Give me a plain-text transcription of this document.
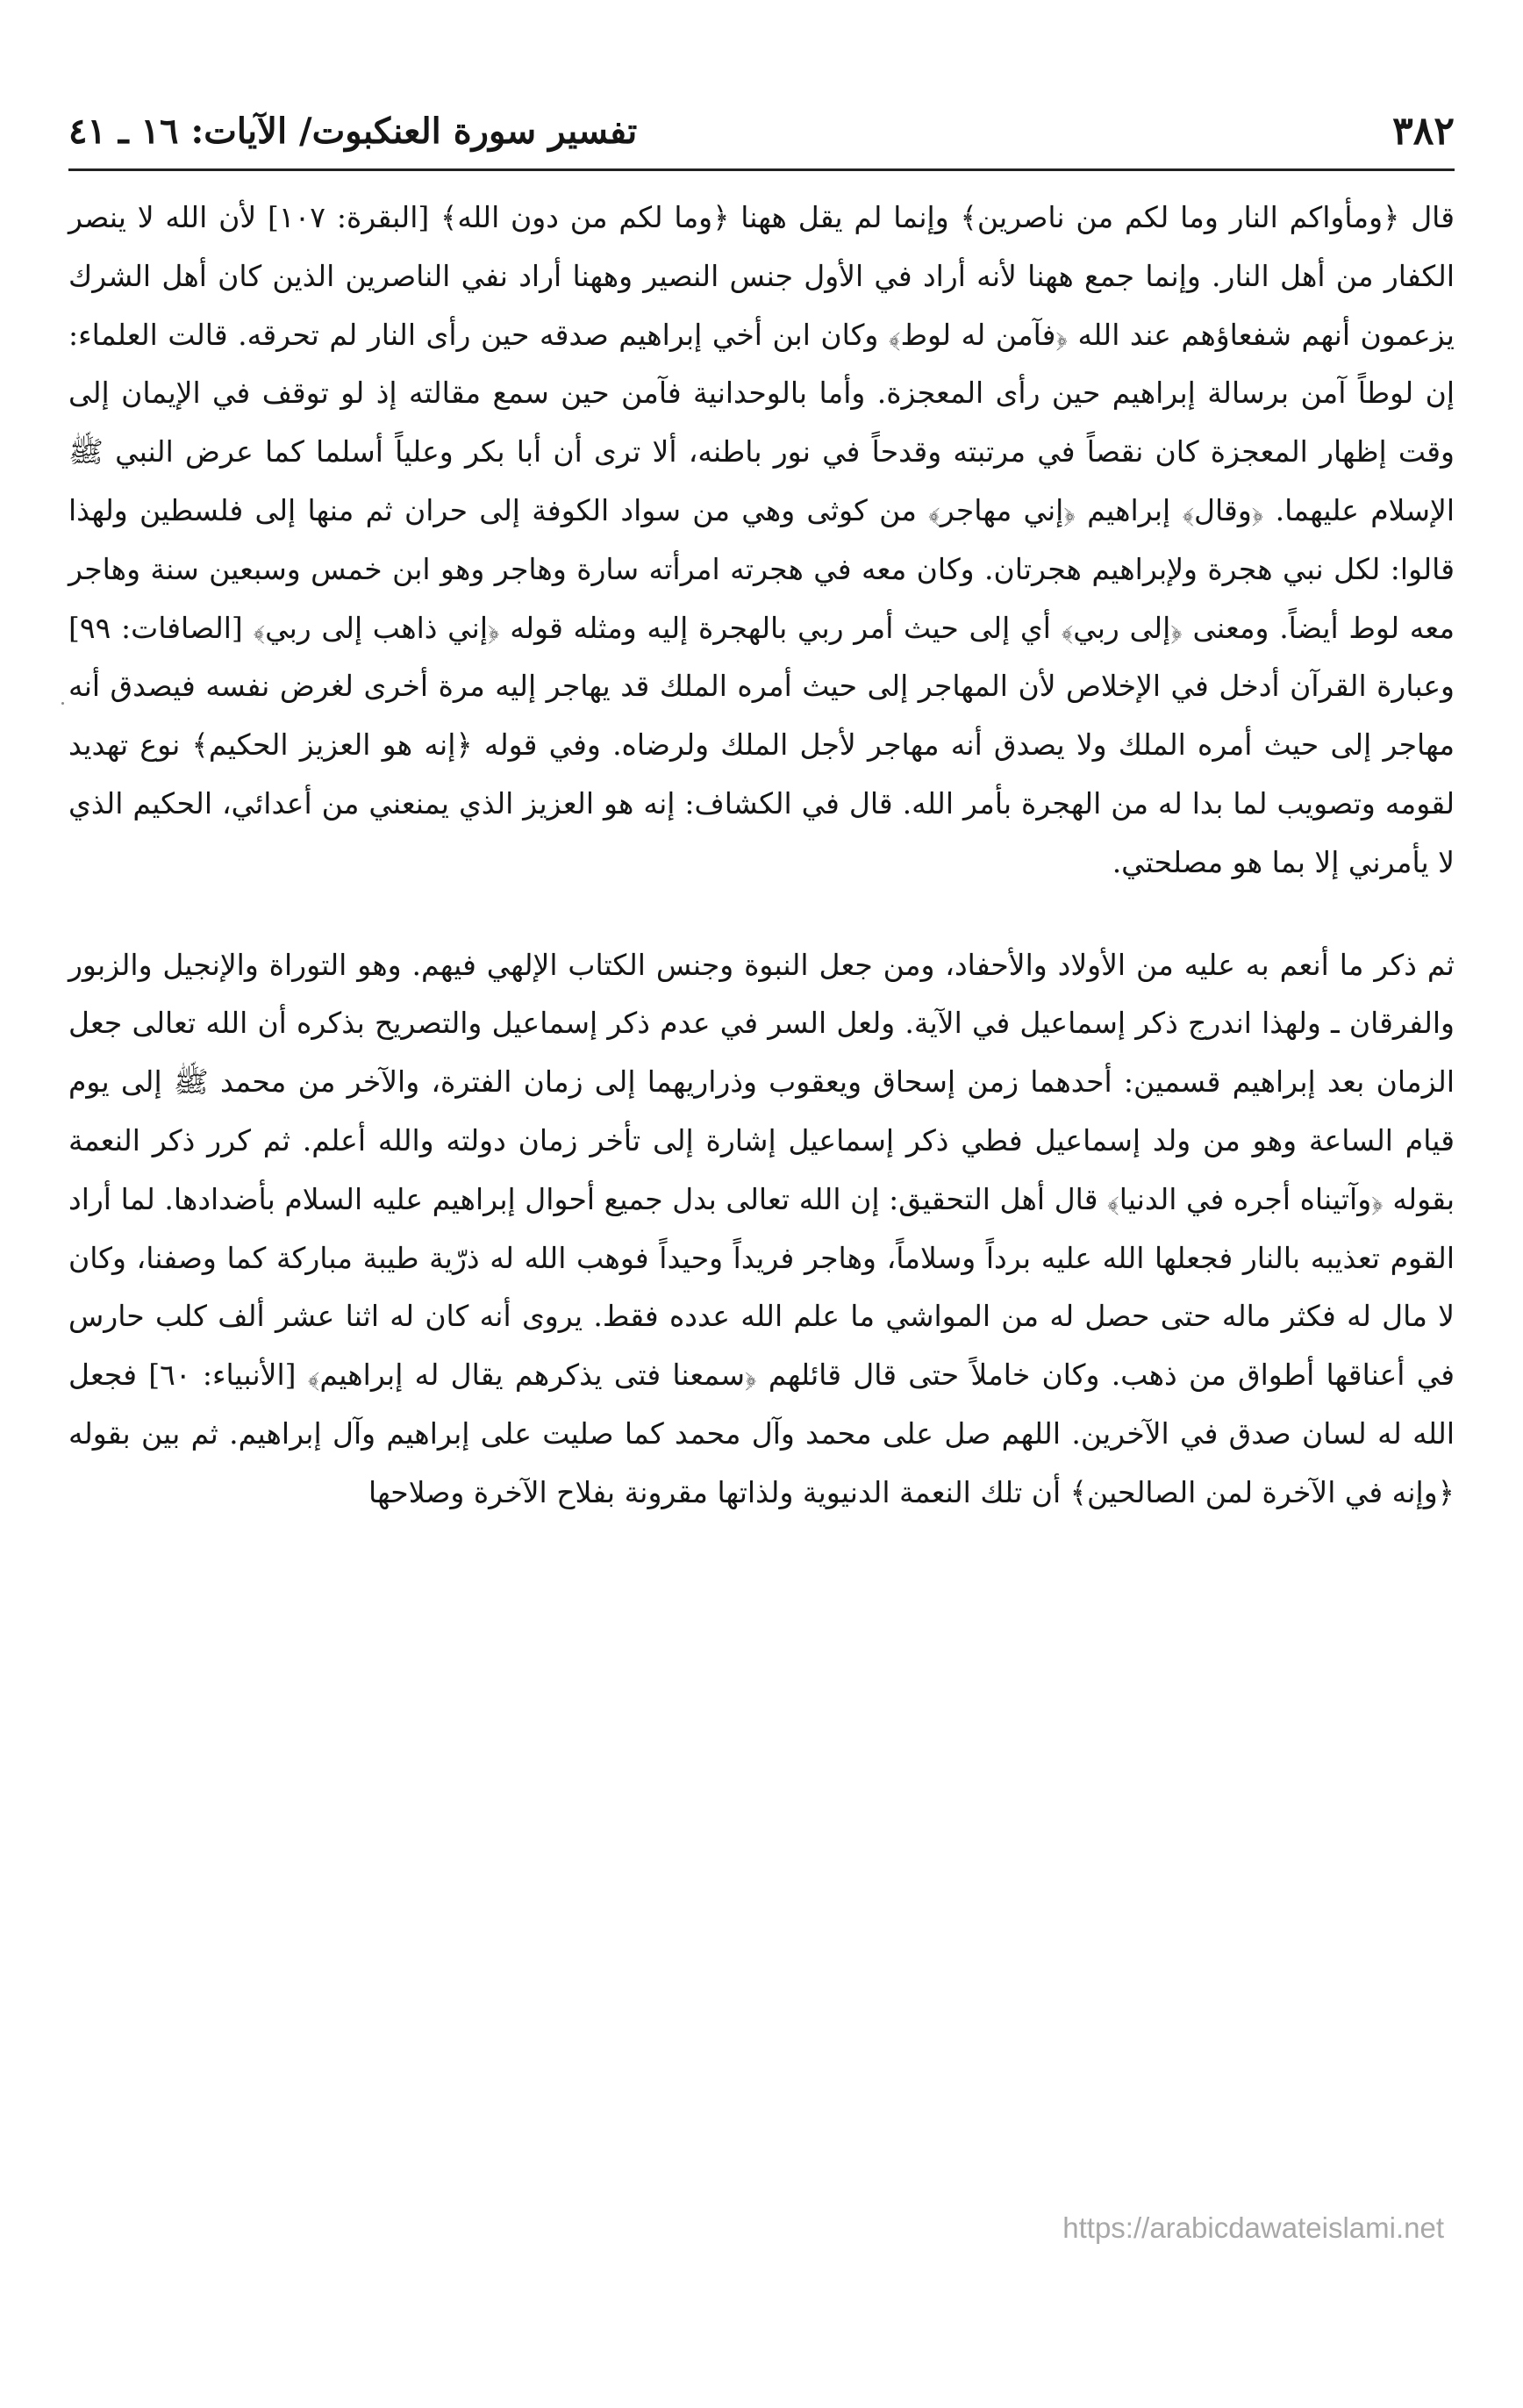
٣٨٢
تفسير سورة العنكبوت/ الآيات: ١٦ ـ ٤١

قال ﴿ومأواكم النار وما لكم من ناصرين﴾ وإنما لم يقل ههنا ﴿وما لكم من دون الله﴾ [البقرة: ١٠٧] لأن الله لا ينصر الكفار من أهل النار. وإنما جمع ههنا لأنه أراد في الأول جنس النصير وههنا أراد نفي الناصرين الذين كان أهل الشرك يزعمون أنهم شفعاؤهم عند الله ﴿فآمن له لوط﴾ وكان ابن أخي إبراهيم صدقه حين رأى النار لم تحرقه. قالت العلماء: إن لوطاً آمن برسالة إبراهيم حين رأى المعجزة. وأما بالوحدانية فآمن حين سمع مقالته إذ لو توقف في الإيمان إلى وقت إظهار المعجزة كان نقصاً في مرتبته وقدحاً في نور باطنه، ألا ترى أن أبا بكر وعلياً أسلما كما عرض النبي ﷺ الإسلام عليهما. ﴿وقال﴾ إبراهيم ﴿إني مهاجر﴾ من كوثى وهي من سواد الكوفة إلى حران ثم منها إلى فلسطين ولهذا قالوا: لكل نبي هجرة ولإبراهيم هجرتان. وكان معه في هجرته امرأته سارة وهاجر وهو ابن خمس وسبعين سنة وهاجر معه لوط أيضاً. ومعنى ﴿إلى ربي﴾ أي إلى حيث أمر ربي بالهجرة إليه ومثله قوله ﴿إني ذاهب إلى ربي﴾ [الصافات: ٩٩] وعبارة القرآن أدخل في الإخلاص لأن المهاجر إلى حيث أمره الملك قد يهاجر إليه مرة أخرى لغرض نفسه فيصدق أنه مهاجر إلى حيث أمره الملك ولا يصدق أنه مهاجر لأجل الملك ولرضاه. وفي قوله ﴿إنه هو العزيز الحكيم﴾ نوع تهديد لقومه وتصويب لما بدا له من الهجرة بأمر الله. قال في الكشاف: إنه هو العزيز الذي يمنعني من أعدائي، الحكيم الذي لا يأمرني إلا بما هو مصلحتي.

ثم ذكر ما أنعم به عليه من الأولاد والأحفاد، ومن جعل النبوة وجنس الكتاب الإلهي فيهم. وهو التوراة والإنجيل والزبور والفرقان ـ ولهذا اندرج ذكر إسماعيل في الآية. ولعل السر في عدم ذكر إسماعيل والتصريح بذكره أن الله تعالى جعل الزمان بعد إبراهيم قسمين: أحدهما زمن إسحاق ويعقوب وذراريهما إلى زمان الفترة، والآخر من محمد ﷺ إلى يوم قيام الساعة وهو من ولد إسماعيل فطي ذكر إسماعيل إشارة إلى تأخر زمان دولته والله أعلم. ثم كرر ذكر النعمة بقوله ﴿وآتيناه أجره في الدنيا﴾ قال أهل التحقيق: إن الله تعالى بدل جميع أحوال إبراهيم عليه السلام بأضدادها. لما أراد القوم تعذيبه بالنار فجعلها الله عليه برداً وسلاماً، وهاجر فريداً وحيداً فوهب الله له ذرّية طيبة مباركة كما وصفنا، وكان لا مال له فكثر ماله حتى حصل له من المواشي ما علم الله عدده فقط. يروى أنه كان له اثنا عشر ألف كلب حارس في أعناقها أطواق من ذهب. وكان خاملاً حتى قال قائلهم ﴿سمعنا فتى يذكرهم يقال له إبراهيم﴾ [الأنبياء: ٦٠] فجعل الله له لسان صدق في الآخرين. اللهم صل على محمد وآل محمد كما صليت على إبراهيم وآل إبراهيم. ثم بين بقوله ﴿وإنه في الآخرة لمن الصالحين﴾ أن تلك النعمة الدنيوية ولذاتها مقرونة بفلاح الآخرة وصلاحها

https://arabicdawateislami.net
